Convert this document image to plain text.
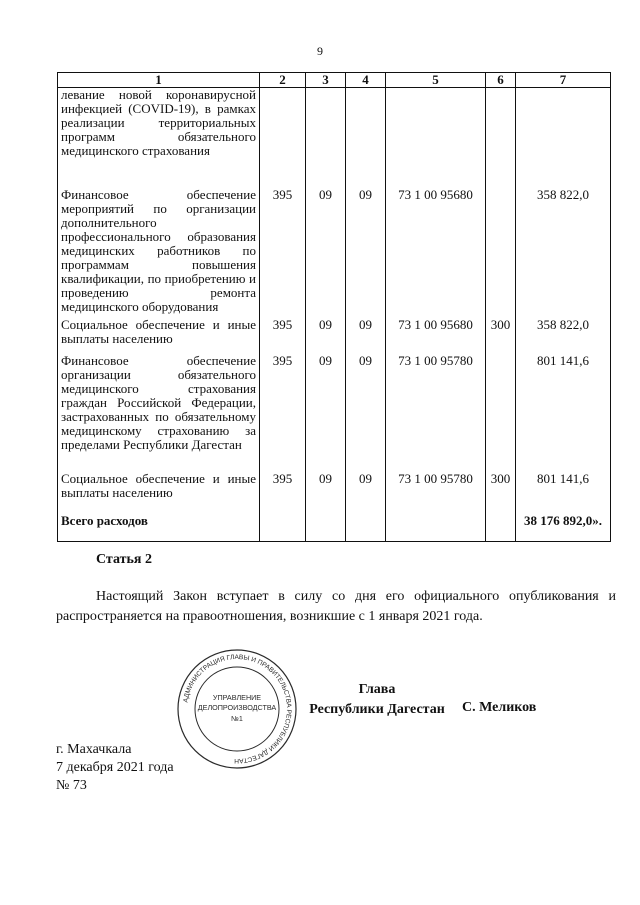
9
1	2	3	4	5	6	7
левание новой коронавирусной инфекцией (COVID-19), в рамках реализации территориальных программ обязательного медицинского страхования						
Финансовое обеспечение мероприятий по организации дополнительного профессионального образования медицинских работников по программам повышения квалификации, по приобретению и проведению ремонта медицинского оборудования	395	09	09	73 1 00 95680		358 822,0
Социальное обеспечение и иные выплаты населению	395	09	09	73 1 00 95680	300	358 822,0
Финансовое обеспечение организации обязательного медицинского страхования граждан Российской Федерации, застрахованных по обязательному медицинскому страхованию за пределами Республики Дагестан	395	09	09	73 1 00 95780		801 141,6
Социальное обеспечение и иные выплаты населению	395	09	09	73 1 00 95780	300	801 141,6
Всего расходов						38 176 892,0».
Статья 2
Настоящий Закон вступает в силу со дня его официального опубликования и распространяется на правоотношения, возникшие с 1 января 2021 года.
АДМИНИСТРАЦИЯ ГЛАВЫ И ПРАВИТЕЛЬСТВА РЕСПУБЛИКИ ДАГЕСТАН
УПРАВЛЕНИЕ
ДЕЛОПРОИЗВОДСТВА
№1
Глава
Республики Дагестан	С. Меликов
г. Махачкала
7 декабря 2021 года
№ 73
